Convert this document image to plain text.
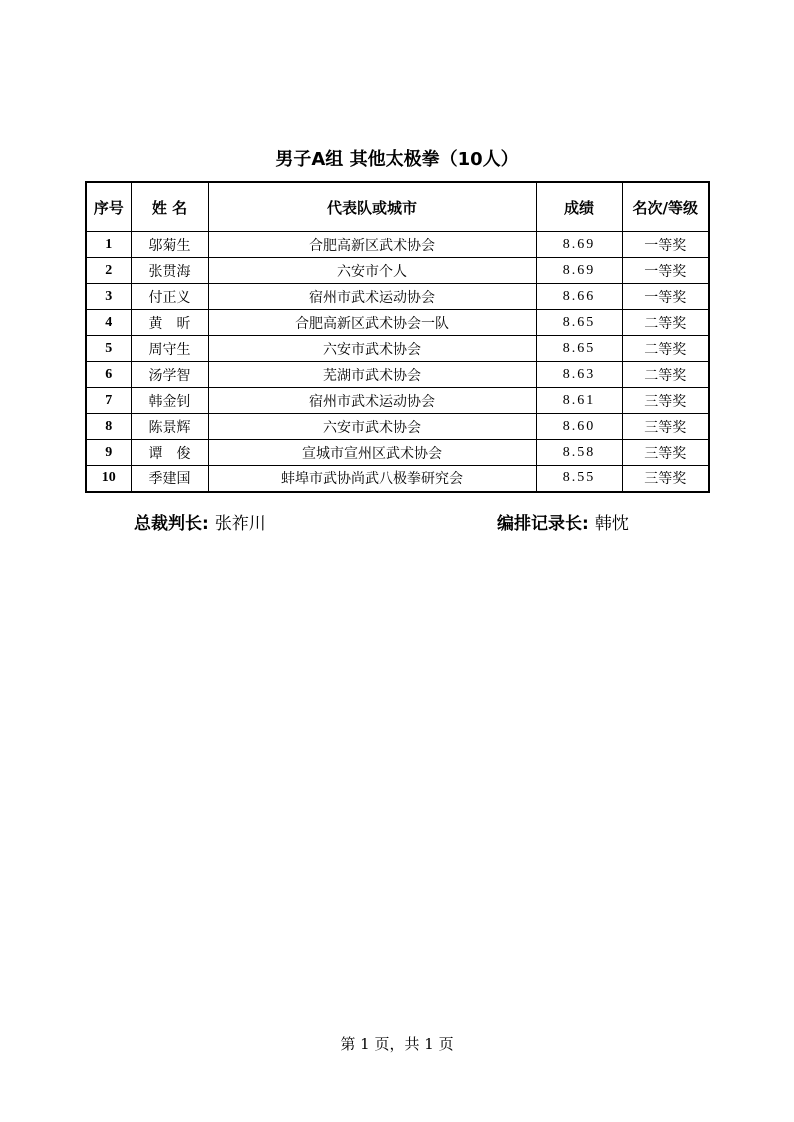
男子A组 其他太极拳（10人）
序号	姓 名	代表队或城市	成绩	名次/等级
1	邬菊生	合肥高新区武术协会	8.69	一等奖
2	张贯海	六安市个人	8.69	一等奖
3	付正义	宿州市武术运动协会	8.66	一等奖
4	黄　昕	合肥高新区武术协会一队	8.65	二等奖
5	周守生	六安市武术协会	8.65	二等奖
6	汤学智	芜湖市武术协会	8.63	二等奖
7	韩金钊	宿州市武术运动协会	8.61	三等奖
8	陈景辉	六安市武术协会	8.60	三等奖
9	谭　俊	宣城市宣州区武术协会	8.58	三等奖
10	季建国	蚌埠市武协尚武八极拳研究会	8.55	三等奖
总裁判长: 张祚川	编排记录长: 韩忱
第 1 页，共 1 页
